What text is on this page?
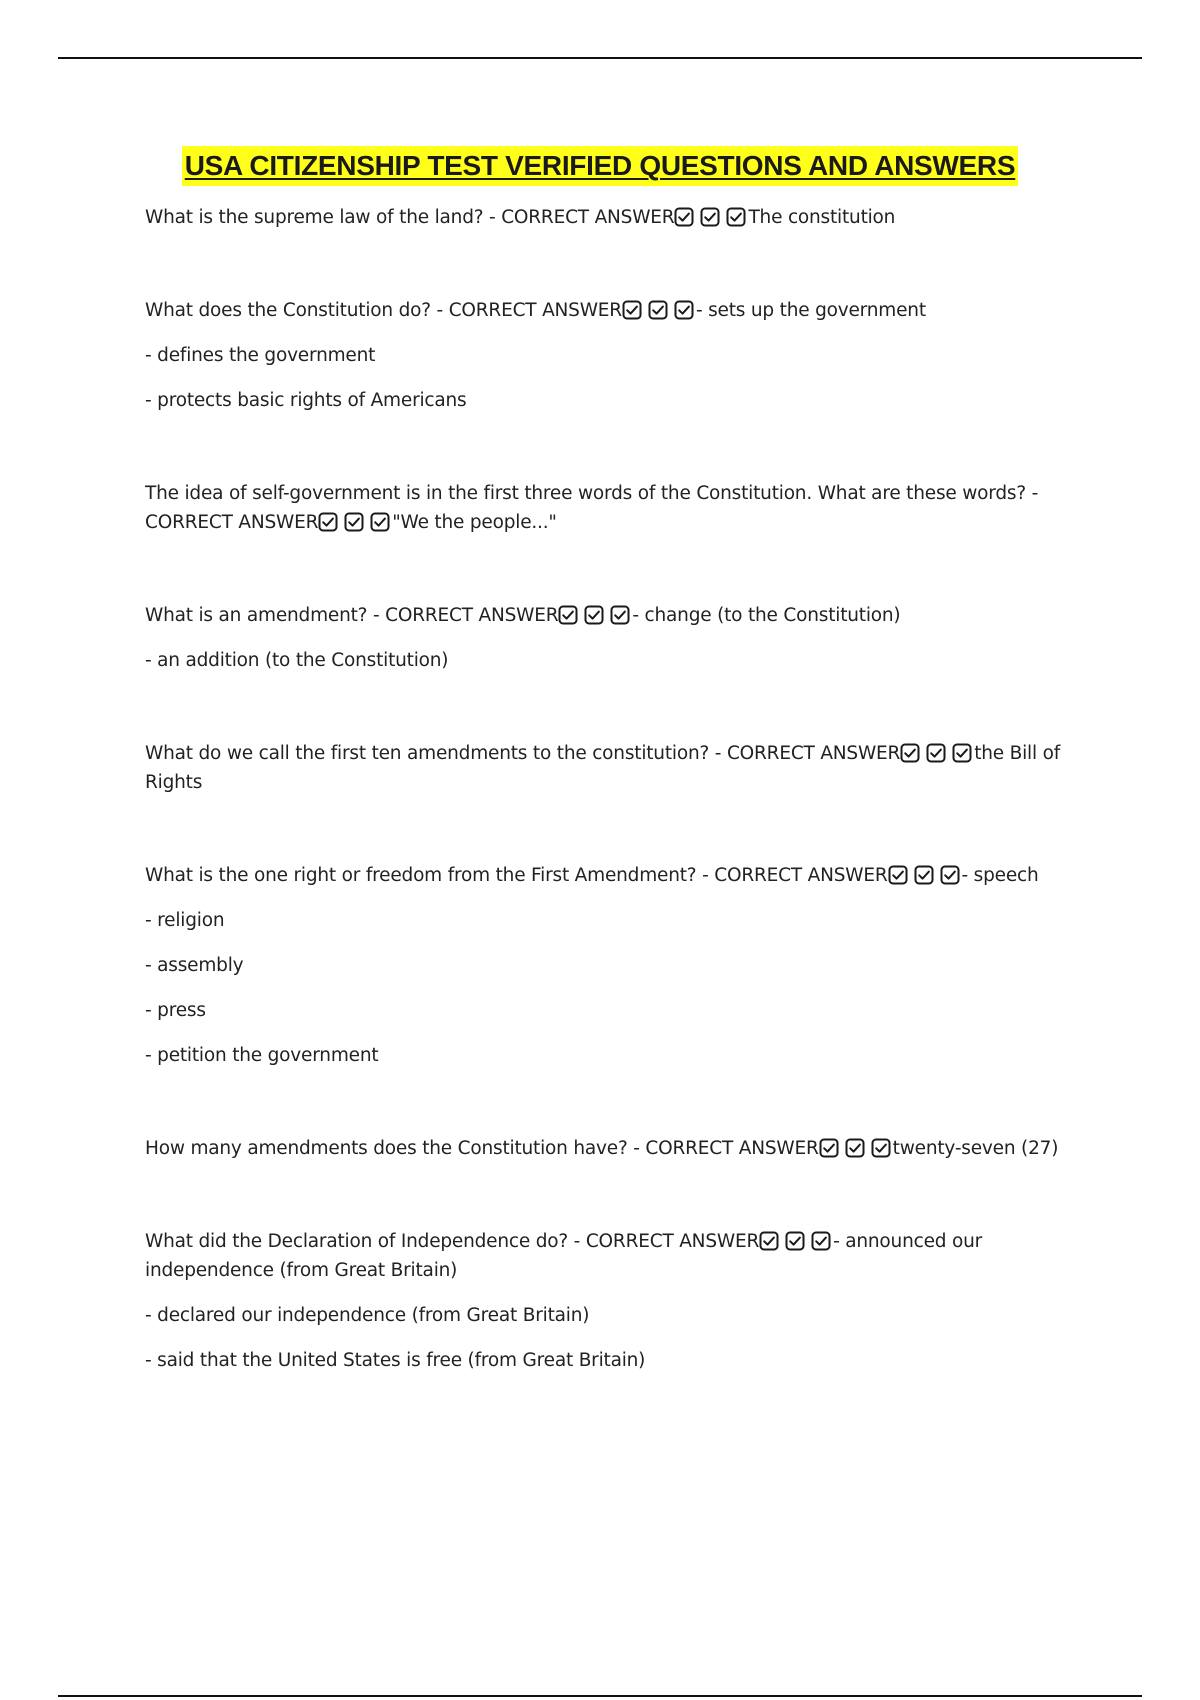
USA CITIZENSHIP TEST VERIFIED QUESTIONS AND ANSWERS

What is the supreme law of the land? - CORRECT ANSWER	The constitution

What does the Constitution do? - CORRECT ANSWER	- sets up the government

- defines the government

- protects basic rights of Americans

The idea of self-government is in the first three words of the Constitution. What are these words? - CORRECT ANSWER	"We the people..."

What is an amendment? - CORRECT ANSWER	- change (to the Constitution)

- an addition (to the Constitution)

What do we call the first ten amendments to the constitution? - CORRECT ANSWER	the Bill of Rights

What is the one right or freedom from the First Amendment? - CORRECT ANSWER	- speech

- religion

- assembly

- press

- petition the government

How many amendments does the Constitution have? - CORRECT ANSWER	twenty-seven (27)

What did the Declaration of Independence do? - CORRECT ANSWER	- announced our independence (from Great Britain)

- declared our independence (from Great Britain)

- said that the United States is free (from Great Britain)
